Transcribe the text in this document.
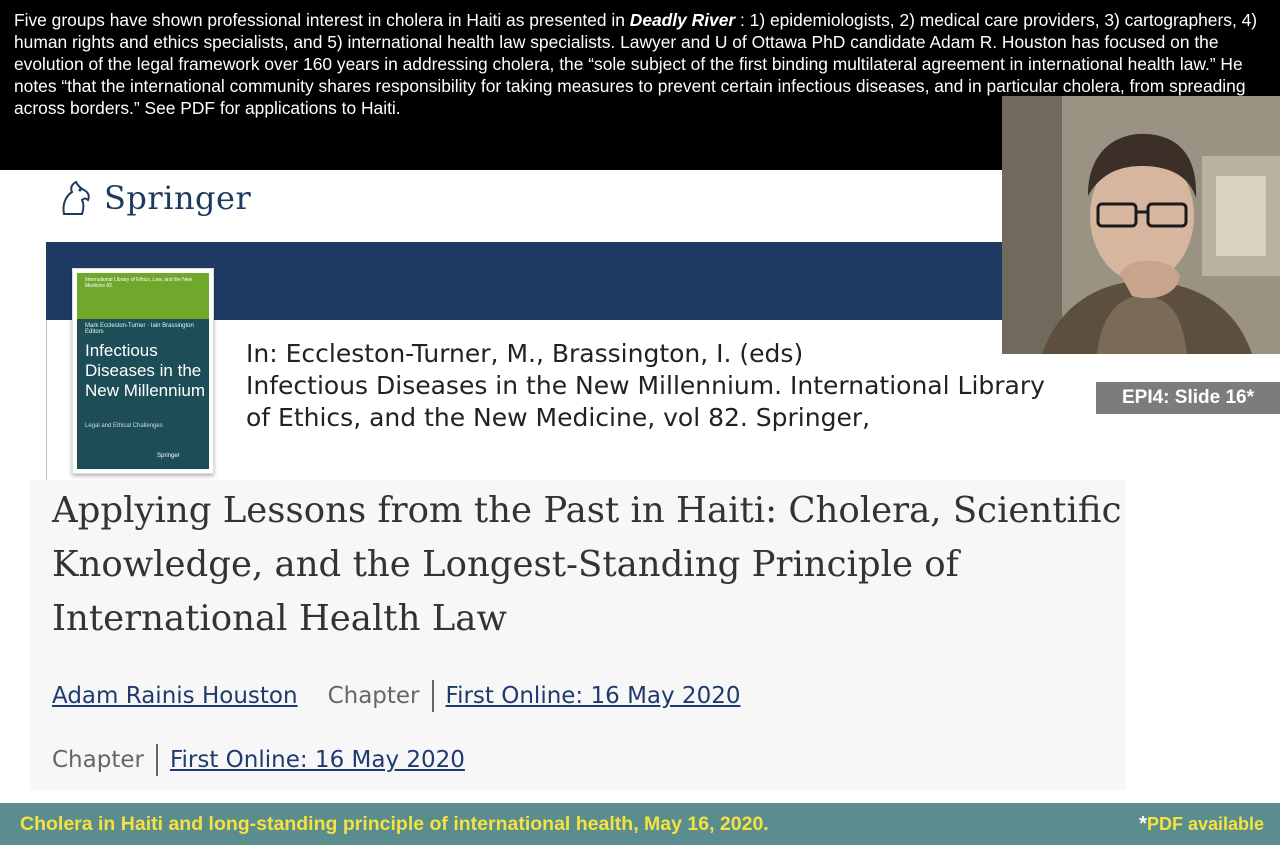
Five groups have shown professional interest in cholera in Haiti as presented in Deadly River : 1) epidemiologists, 2) medical care providers, 3) cartographers, 4) human rights and ethics specialists, and 5) international health law specialists. Lawyer and U of Ottawa PhD candidate Adam R. Houston has focused on the evolution of the legal framework over 160 years in addressing cholera, the “sole subject of the first binding multilateral agreement in international health law.” He notes “that the international community shares responsibility for taking measures to prevent certain infectious diseases, and in particular cholera, from spreading across borders.” See PDF for applications to Haiti.
EPI4: Slide 16*
Springer
International Library of Ethics, Law, and the New Medicine 82
Mark Eccleston-Turner · Iain Brassington Editors
Infectious Diseases in the New Millennium
Legal and Ethical Challenges
Springer
In: Eccleston-Turner, M., Brassington, I. (eds)
Infectious Diseases in the New Millennium. International Library
of Ethics, and the New Medicine, vol 82. Springer,
Applying Lessons from the Past in Haiti: Cholera, Scientific Knowledge, and the Longest-Standing Principle of International Health Law
Adam Rainis Houston Chapter First Online: 16 May 2020
Chapter First Online: 16 May 2020
Cholera in Haiti and long-standing principle of international health, May 16, 2020.	*PDF available
